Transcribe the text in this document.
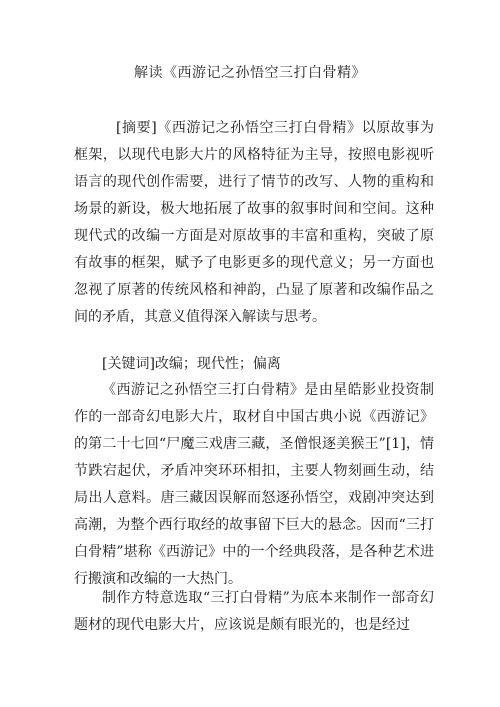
解读《西游记之孙悟空三打白骨精》

[摘要]《西游记之孙悟空三打白骨精》以原故事为框架，以现代电影大片的风格特征为主导，按照电影视听语言的现代创作需要，进行了情节的改写、人物的重构和场景的新设，极大地拓展了故事的叙事时间和空间。这种现代式的改编一方面是对原故事的丰富和重构，突破了原有故事的框架，赋予了电影更多的现代意义；另一方面也忽视了原著的传统风格和神韵，凸显了原著和改编作品之间的矛盾，其意义值得深入解读与思考。

[关键词]改编；现代性；偏离

《西游记之孙悟空三打白骨精》是由星皓影业投资制作的一部奇幻电影大片，取材自中国古典小说《西游记》的第二十七回“尸魔三戏唐三藏，圣僧恨逐美猴王”[1]，情节跌宕起伏，矛盾冲突环环相扣，主要人物刻画生动，结局出人意料。唐三藏因误解而怒逐孙悟空，戏剧冲突达到高潮，为整个西行取经的故事留下巨大的悬念。因而“三打白骨精”堪称《西游记》中的一个经典段落，是各种艺术进行搬演和改编的一大热门。

制作方特意选取“三打白骨精”为底本来制作一部奇幻题材的现代电影大片，应该说是颇有眼光的，也是经过
